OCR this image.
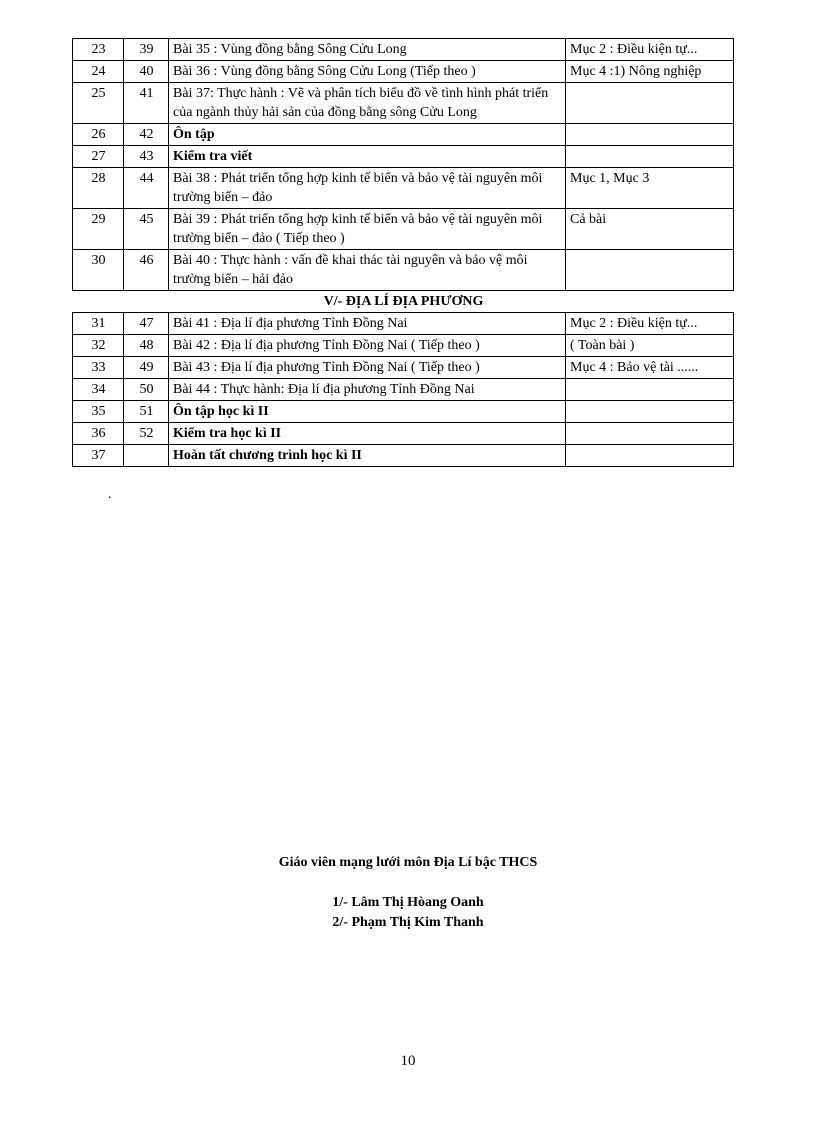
23	39	Bài 35 : Vùng đồng bằng Sông Cửu Long	Mục 2 : Điều kiện tự...
24	40	Bài 36 : Vùng đồng bằng Sông Cửu Long (Tiếp theo )	Mục 4 :1) Nông nghiệp
25	41	Bài 37: Thực hành : Vẽ và phân tích biểu đồ về tình hình phát triển của ngành thủy hải sản của đồng bằng sông Cửu Long	
26	42	Ôn tập	
27	43	Kiểm tra viết	
28	44	Bài 38 : Phát triển tổng hợp kinh tế biển và bảo vệ tài nguyên môi trường biển – đảo	Mục 1, Mục 3
29	45	Bài 39 : Phát triển tổng hợp kinh tế biển và bảo vệ tài nguyên môi trường biển – đảo ( Tiếp theo )	Cả bài
30	46	Bài 40 : Thực hành : vấn đề khai thác tài nguyên và bảo vệ môi trường biển – hải đảo	
V/- ĐỊA LÍ ĐỊA PHƯƠNG			
31	47	Bài 41 : Địa lí địa phương Tỉnh Đồng Nai	Mục 2 : Điều kiện tự...
32	48	Bài 42 : Địa lí địa phương Tỉnh Đồng Nai ( Tiếp theo )	( Toàn bài )
33	49	Bài 43 : Địa lí địa phương Tỉnh Đồng Nai ( Tiếp theo )	Mục 4 : Bảo vệ tài ......
34	50	Bài 44 : Thực hành: Địa lí địa phương Tỉnh Đồng Nai	
35	51	Ôn tập học kì II	
36	52	Kiểm tra học kì II	
37		Hoàn tất chương trình học kì II	
.
Giáo viên mạng lưới môn Địa Lí bậc THCS
1/- Lâm Thị Hòang Oanh
2/- Phạm Thị Kim Thanh
10
